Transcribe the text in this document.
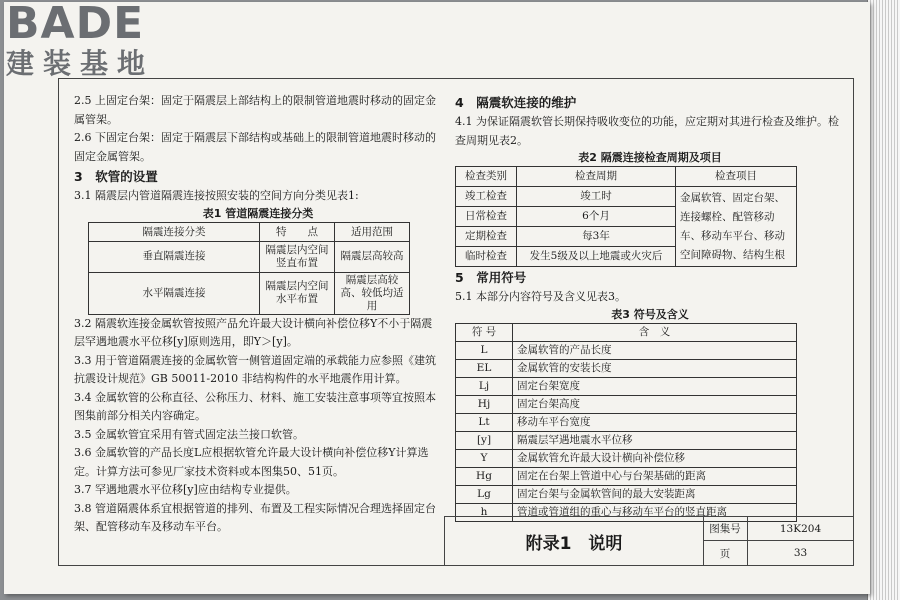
BADE
建装基地

2.5 上固定台架：固定于隔震层上部结构上的限制管道地震时移动的固定金属管架。

2.6 下固定台架：固定于隔震层下部结构或基础上的限制管道地震时移动的固定金属管架。

3　软管的设置

3.1 隔震层内管道隔震连接按照安装的空间方向分类见表1:

表1 管道隔震连接分类
隔震连接分类	特　　点	适用范围
垂直隔震连接	隔震层内空间竖直布置	隔震层高较高
水平隔震连接	隔震层内空间水平布置	隔震层高较高、较低均适用

3.2 隔震软连接金属软管按照产品允许最大设计横向补偿位移Y不小于隔震层罕遇地震水平位移[y]原则选用，即Y＞[y]。

3.3 用于管道隔震连接的金属软管一侧管道固定端的承载能力应参照《建筑抗震设计规范》GB 50011-2010 非结构构件的水平地震作用计算。

3.4 金属软管的公称直径、公称压力、材料、施工安装注意事项等宜按照本图集前部分相关内容确定。

3.5 金属软管宜采用有管式固定法兰接口软管。

3.6 金属软管的产品长度L应根据软管允许最大设计横向补偿位移Y计算选定。计算方法可参见厂家技术资料或本图集50、51页。

3.7 罕遇地震水平位移[y]应由结构专业提供。

3.8 管道隔震体系宜根据管道的排列、布置及工程实际情况合理选择固定台架、配管移动车及移动车平台。

4　隔震软连接的维护

4.1 为保证隔震软管长期保持吸收变位的功能，应定期对其进行检查及维护。检查周期见表2。

表2 隔震连接检查周期及项目
检查类别	检查周期	检查项目
竣工检查	竣工时	金属软管、固定台架、连接螺栓、配管移动车、移动车平台、移动空间障碍物、结构生根
日常检查	6个月	
定期检查	每3年	
临时检查	发生5级及以上地震或火灾后	
5　常用符号

5.1 本部分内容符号及含义见表3。

表3 符号及含义
符 号	含　义
L	金属软管的产品长度
EL	金属软管的安装长度
Lj	固定台架宽度
Hj	固定台架高度
Lt	移动车平台宽度
[y]	隔震层罕遇地震水平位移
Y	金属软管允许最大设计横向补偿位移
Hg	固定在台架上管道中心与台架基础的距离
Lg	固定台架与金属软管间的最大安装距离
h	管道或管道组的重心与移动车平台的竖直距离
附录1　说明
图集号	13K204
页	33
